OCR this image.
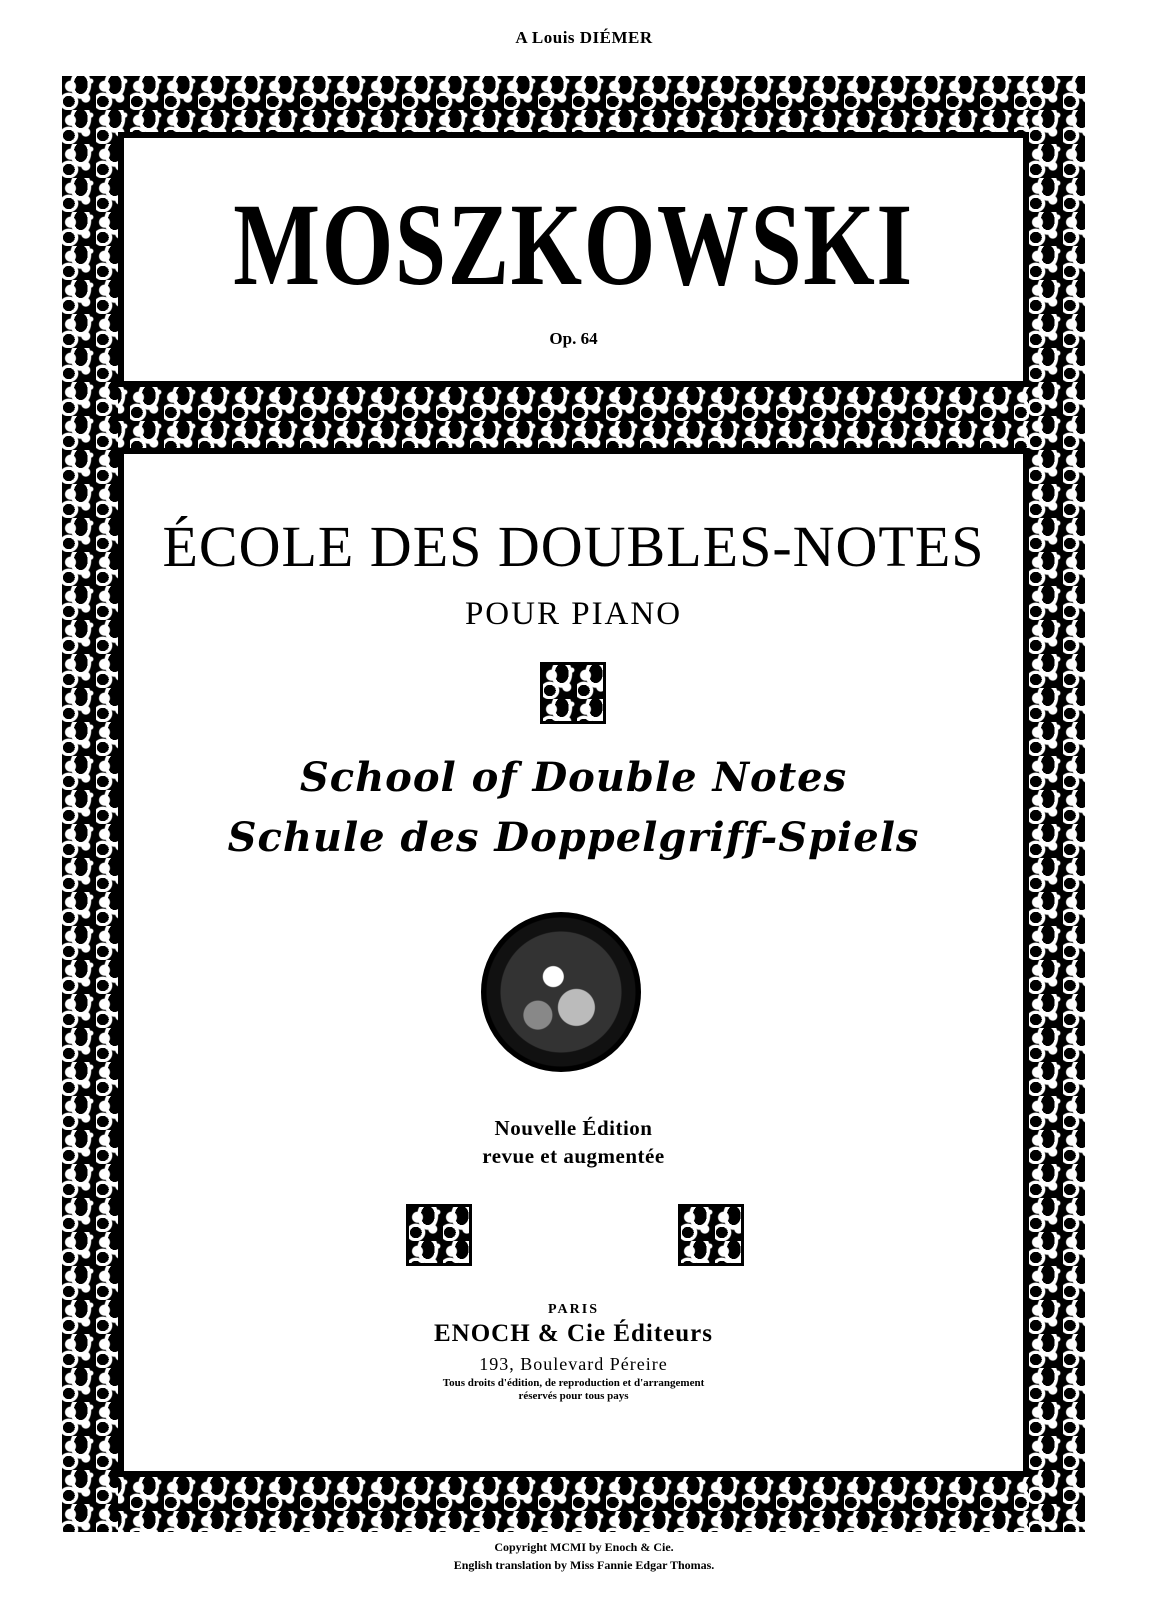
A Louis DIÉMER
MOSZKOWSKI
Op. 64
ÉCOLE DES DOUBLES-NOTES
POUR PIANO
School of Double Notes
Schule des Doppelgriff-Spiels
Nouvelle Édition
revue et augmentée
PARIS
ENOCH & Cie Éditeurs
193, Boulevard Péreire
Tous droits d'édition, de reproduction et d'arrangement
réservés pour tous pays
Copyright MCMI by Enoch & Cie.
English translation by Miss Fannie Edgar Thomas.
